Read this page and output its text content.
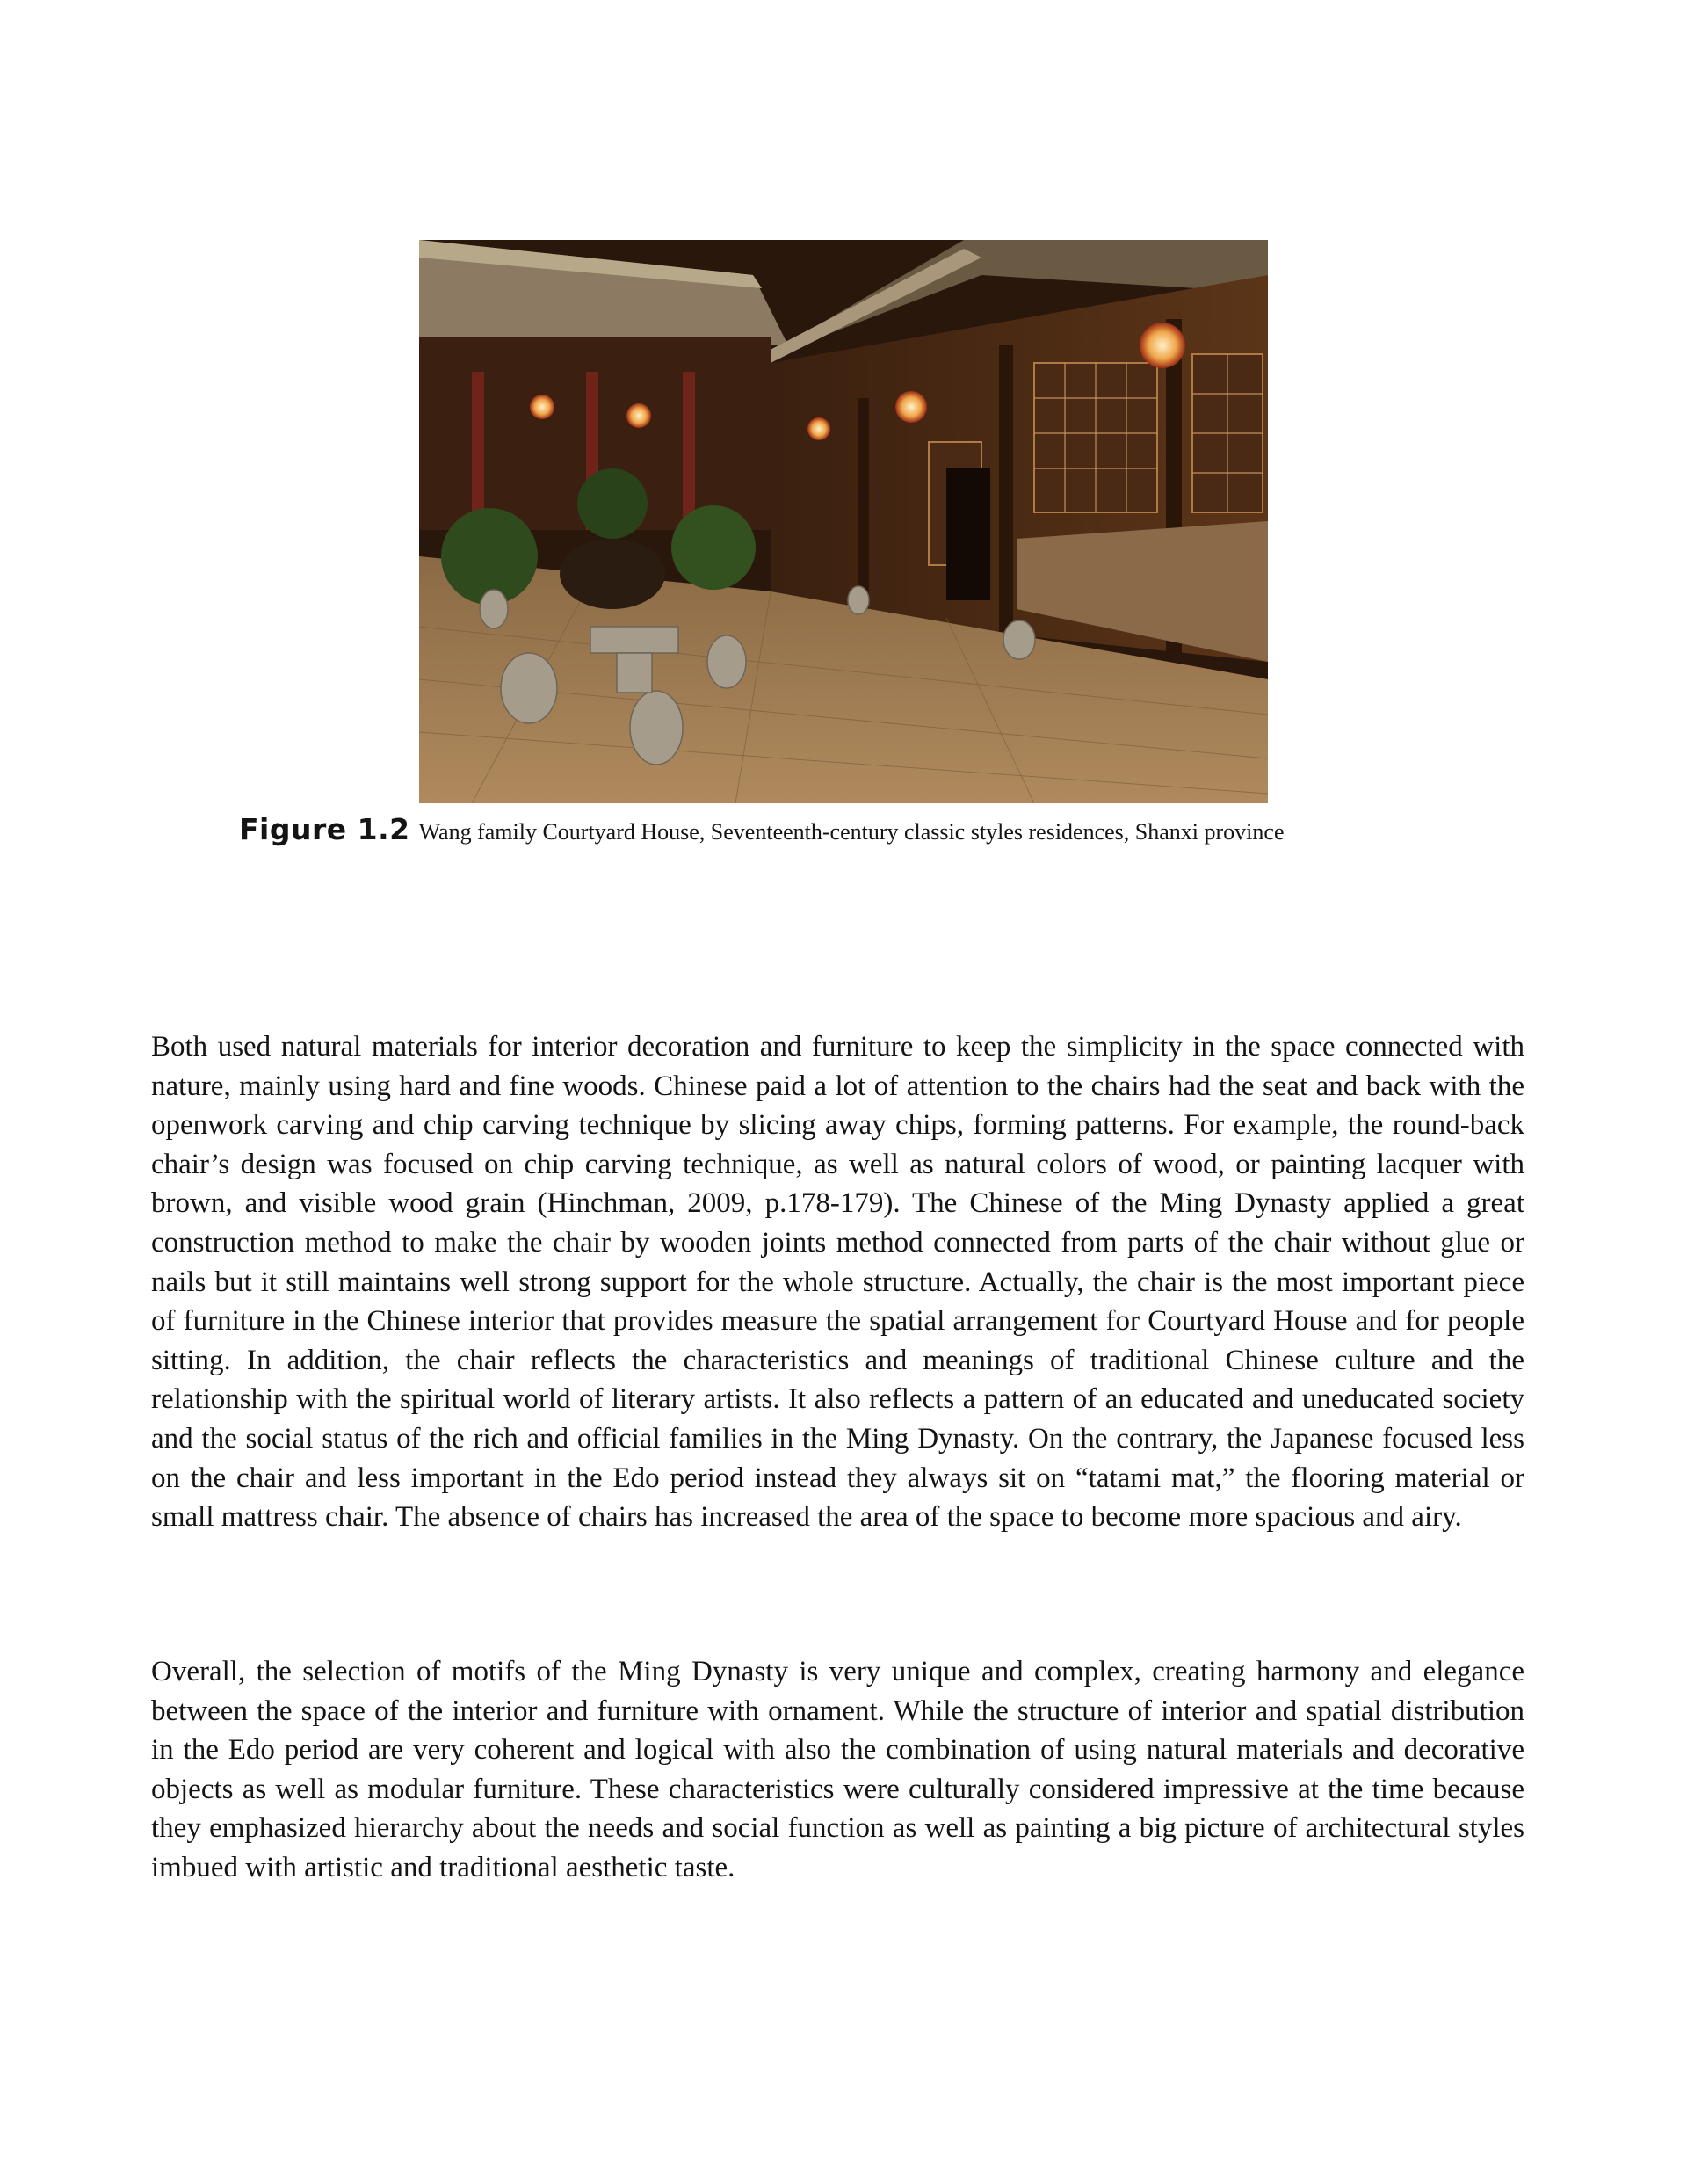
Figure 1.2 Wang family Courtyard House, Seventeenth-century classic styles residences, Shanxi province

Both used natural materials for interior decoration and furniture to keep the simplicity in the space connected with nature, mainly using hard and fine woods. Chinese paid a lot of attention to the chairs had the seat and back with the openwork carving and chip carving technique by slicing away chips, forming patterns. For example, the round-back chair’s design was focused on chip carving technique, as well as natural colors of wood, or painting lacquer with brown, and visible wood grain (Hinchman, 2009, p.178-179). The Chinese of the Ming Dynasty applied a great construction method to make the chair by wooden joints method connected from parts of the chair without glue or nails but it still maintains well strong support for the whole structure. Actually, the chair is the most important piece of furniture in the Chinese interior that provides measure the spatial arrangement for Courtyard House and for people sitting. In addition, the chair reflects the characteristics and meanings of traditional Chinese culture and the relationship with the spiritual world of literary artists. It also reflects a pattern of an educated and uneducated society and the social status of the rich and official families in the Ming Dynasty. On the contrary, the Japanese focused less on the chair and less important in the Edo period instead they always sit on “tatami mat,” the flooring material or small mattress chair. The absence of chairs has increased the area of the space to become more spacious and airy.

Overall, the selection of motifs of the Ming Dynasty is very unique and complex, creating harmony and elegance between the space of the interior and furniture with ornament. While the structure of interior and spatial distribution in the Edo period are very coherent and logical with also the combination of using natural materials and decorative objects as well as modular furniture. These characteristics were culturally considered impressive at the time because they emphasized hierarchy about the needs and social function as well as painting a big picture of architectural styles imbued with artistic and traditional aesthetic taste.
